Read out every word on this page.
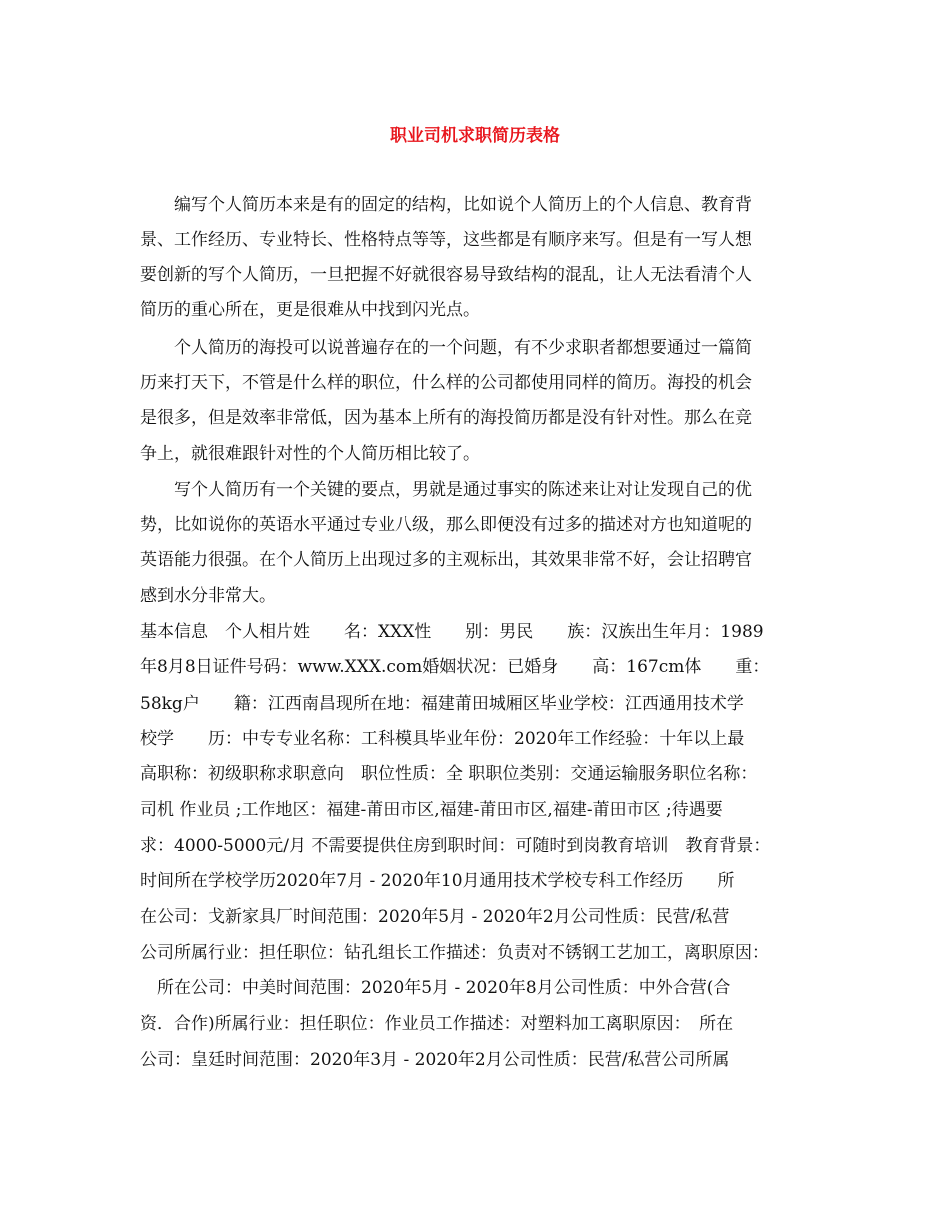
职业司机求职简历表格

　　编写个人简历本来是有的固定的结构，比如说个人简历上的个人信息、教育背

景、工作经历、专业特长、性格特点等等，这些都是有顺序来写。但是有一写人想

要创新的写个人简历，一旦把握不好就很容易导致结构的混乱，让人无法看清个人

简历的重心所在，更是很难从中找到闪光点。

　　个人简历的海投可以说普遍存在的一个问题，有不少求职者都想要通过一篇简

历来打天下，不管是什么样的职位，什么样的公司都使用同样的简历。海投的机会

是很多，但是效率非常低，因为基本上所有的海投简历都是没有针对性。那么在竞

争上，就很难跟针对性的个人简历相比较了。

　　写个人简历有一个关键的要点，男就是通过事实的陈述来让对让发现自己的优

势，比如说你的英语水平通过专业八级，那么即便没有过多的描述对方也知道呢的

英语能力很强。在个人简历上出现过多的主观标出，其效果非常不好，会让招聘官

感到水分非常大。

基本信息　个人相片姓　　名：XXX性　　别：男民　　族：汉族出生年月：1989

年8月8日证件号码：www.XXX.com婚姻状况：已婚身　　高：167cm体　　重：

58kg户　　籍：江西南昌现所在地：福建莆田城厢区毕业学校：江西通用技术学

校学　　历：中专专业名称：工科模具毕业年份：2020年工作经验：十年以上最

高职称：初级职称求职意向　职位性质：全 职职位类别：交通运输服务职位名称：

司机 作业员 ;工作地区：福建-莆田市区,福建-莆田市区,福建-莆田市区 ;待遇要

求：4000-5000元/月 不需要提供住房到职时间：可随时到岗教育培训　教育背景：

时间所在学校学历2020年7月 - 2020年10月通用技术学校专科工作经历　　所

在公司：戈新家具厂时间范围：2020年5月 - 2020年2月公司性质：民营/私营

公司所属行业：担任职位：钻孔组长工作描述：负责对不锈钢工艺加工，离职原因：

　所在公司：中美时间范围：2020年5月 - 2020年8月公司性质：中外合营(合

资．合作)所属行业：担任职位：作业员工作描述：对塑料加工离职原因：　所在

公司：皇廷时间范围：2020年3月 - 2020年2月公司性质：民营/私营公司所属
